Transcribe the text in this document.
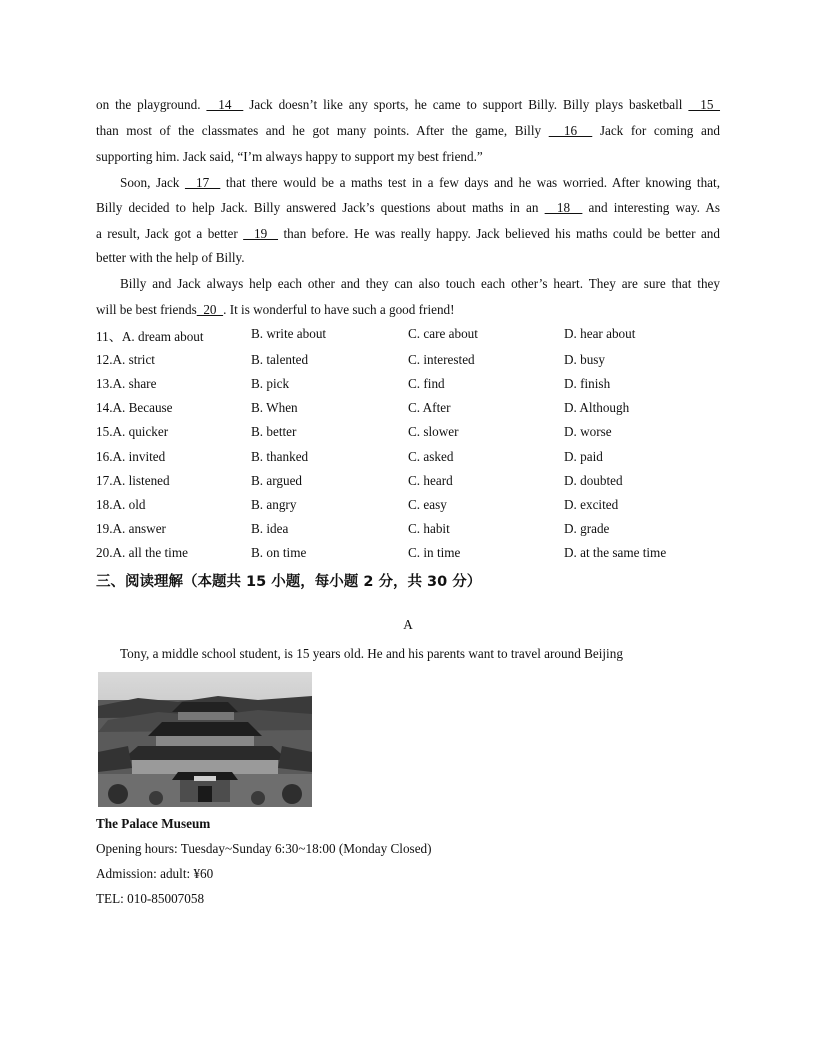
on the playground.   14   Jack doesn’t like any sports, he came to support Billy. Billy plays basketball   15
than most of the classmates and he got many points. After the game, Billy   16   Jack for coming and
supporting him. Jack said, “I’m always happy to support my best friend.”
Soon, Jack   17   that there would be a maths test in a few days and he was worried. After knowing that,
Billy decided to help Jack. Billy answered Jack’s questions about maths in an   18   and interesting way. As
a result, Jack got a better   19   than before. He was really happy. Jack believed his maths could be better and
better with the help of Billy.
Billy and Jack always help each other and they can also touch each other’s heart. They are sure that they
will be best friends  20  . It is wonderful to have such a good friend!
11、A. dream about	B. write about	C. care about	D. hear about
12.A. strict	B. talented	C. interested	D. busy
13.A. share	B. pick	C. find	D. finish
14.A. Because	B. When	C. After	D. Although
15.A. quicker	B. better	C. slower	D. worse
16.A. invited	B. thanked	C. asked	D. paid
17.A. listened	B. argued	C. heard	D. doubted
18.A. old	B. angry	C. easy	D. excited
19.A. answer	B. idea	C. habit	D. grade
20.A. all the time	B. on time	C. in time	D. at the same time
三、阅读理解（本题共 15 小题，每小题 2 分，共 30 分）
A
Tony, a middle school student, is 15 years old. He and his parents want to travel around Beijing
The Palace Museum
Opening hours: Tuesday~Sunday 6:30~18:00 (Monday Closed)
Admission: adult: ¥60
TEL: 010-85007058
